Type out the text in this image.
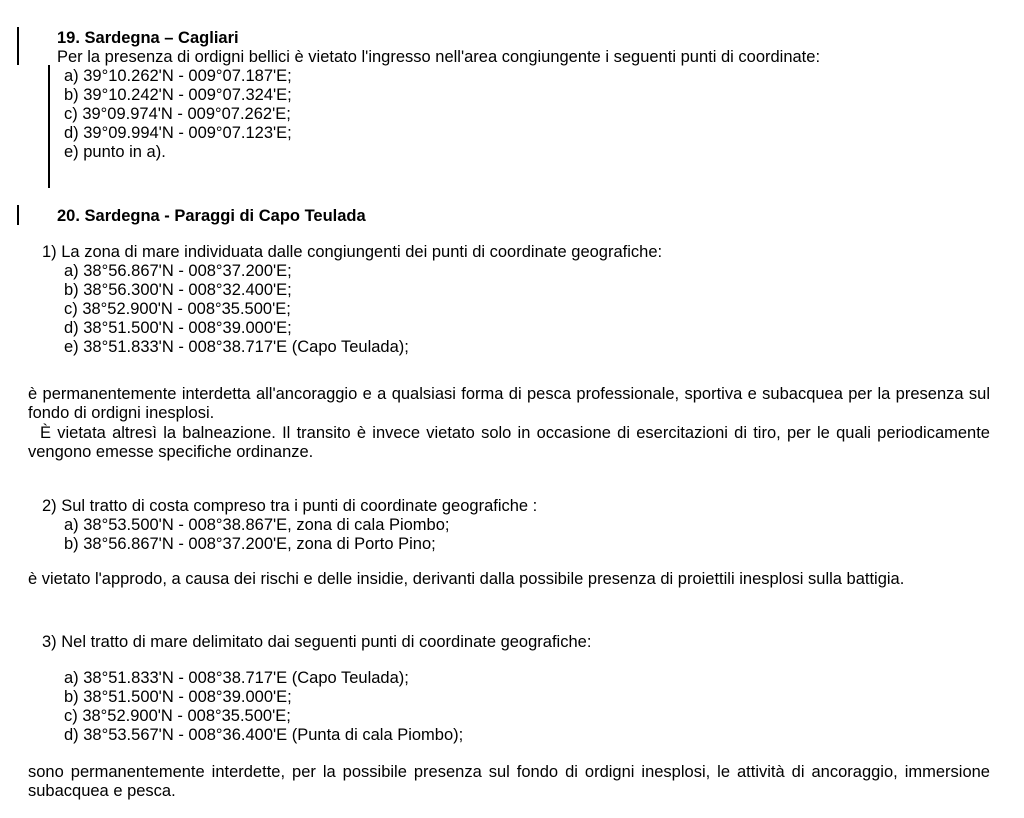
19. Sardegna – Cagliari
Per la presenza di ordigni bellici è vietato l'ingresso nell'area congiungente i seguenti punti di coordinate:
a) 39°10.262'N - 009°07.187'E;
b) 39°10.242'N - 009°07.324'E;
c) 39°09.974'N - 009°07.262'E;
d) 39°09.994'N - 009°07.123'E;
e) punto in a).
20. Sardegna - Paraggi di Capo Teulada
1) La zona di mare individuata dalle congiungenti dei punti di coordinate geografiche:
a) 38°56.867'N - 008°37.200'E;
b) 38°56.300'N - 008°32.400'E;
c) 38°52.900'N - 008°35.500'E;
d) 38°51.500'N - 008°39.000'E;
e) 38°51.833'N - 008°38.717'E (Capo Teulada);
è permanentemente interdetta all'ancoraggio e a qualsiasi forma di pesca professionale, sportiva e subacquea per la presenza sul fondo di ordigni inesplosi.
È vietata altresì la balneazione. Il transito è invece vietato solo in occasione di esercitazioni di tiro, per le quali periodicamente vengono emesse specifiche ordinanze.
2) Sul tratto di costa compreso tra i punti di coordinate geografiche :
a) 38°53.500'N - 008°38.867'E, zona di cala Piombo;
b) 38°56.867'N - 008°37.200'E, zona di Porto Pino;
è vietato l'approdo, a causa dei rischi e delle insidie, derivanti dalla possibile presenza di proiettili inesplosi sulla battigia.
3) Nel tratto di mare delimitato dai seguenti punti di coordinate geografiche:
a) 38°51.833'N - 008°38.717'E (Capo Teulada);
b) 38°51.500'N - 008°39.000'E;
c) 38°52.900'N - 008°35.500'E;
d) 38°53.567'N - 008°36.400'E (Punta di cala Piombo);
sono permanentemente interdette, per la possibile presenza sul fondo di ordigni inesplosi, le attività di ancoraggio, immersione subacquea e pesca.
